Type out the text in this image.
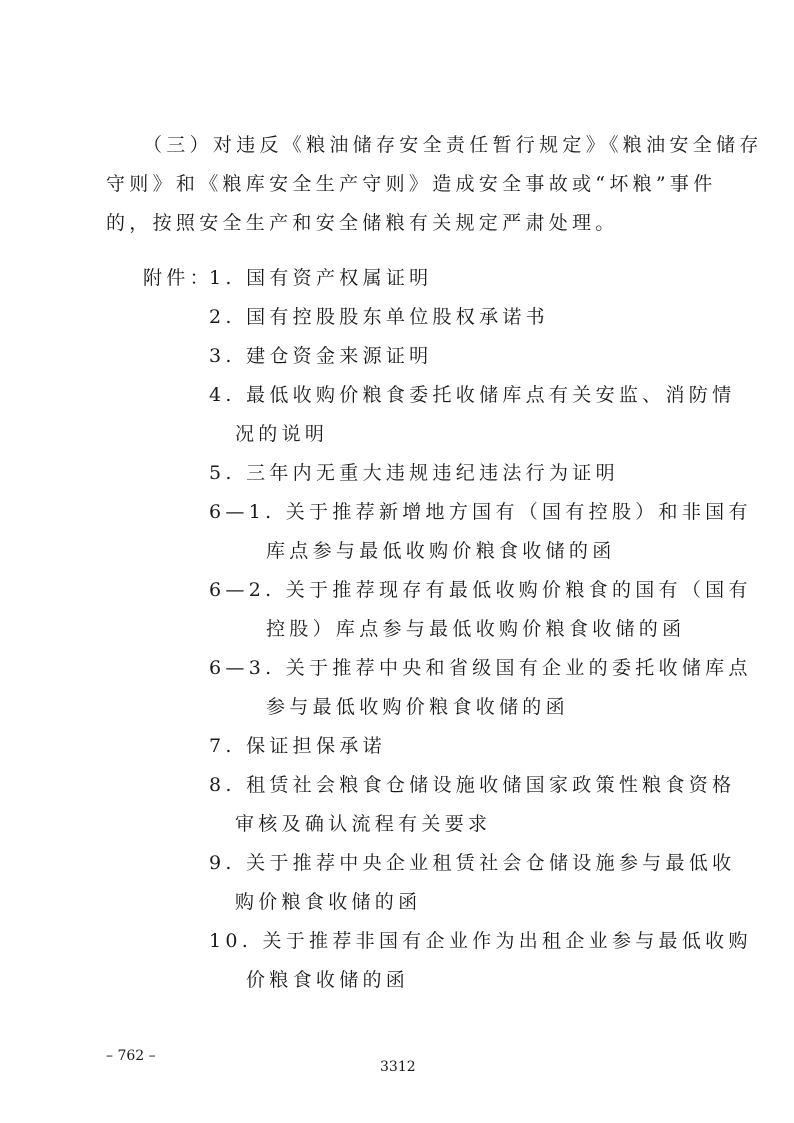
（三）对违反《粮油储存安全责任暂行规定》《粮油安全储存
守则》和《粮库安全生产守则》造成安全事故或“坏粮”事件
的，按照安全生产和安全储粮有关规定严肃处理。
附件：
1. 国有资产权属证明
2. 国有控股股东单位股权承诺书
3. 建仓资金来源证明
4. 最低收购价粮食委托收储库点有关安监、消防情
况的说明
5. 三年内无重大违规违纪违法行为证明
6—1. 关于推荐新增地方国有（国有控股）和非国有
库点参与最低收购价粮食收储的函
6—2. 关于推荐现存有最低收购价粮食的国有（国有
控股）库点参与最低收购价粮食收储的函
6—3. 关于推荐中央和省级国有企业的委托收储库点
参与最低收购价粮食收储的函
7. 保证担保承诺
8. 租赁社会粮食仓储设施收储国家政策性粮食资格
审核及确认流程有关要求
9. 关于推荐中央企业租赁社会仓储设施参与最低收
购价粮食收储的函
10. 关于推荐非国有企业作为出租企业参与最低收购
价粮食收储的函
– 762 –
3312
